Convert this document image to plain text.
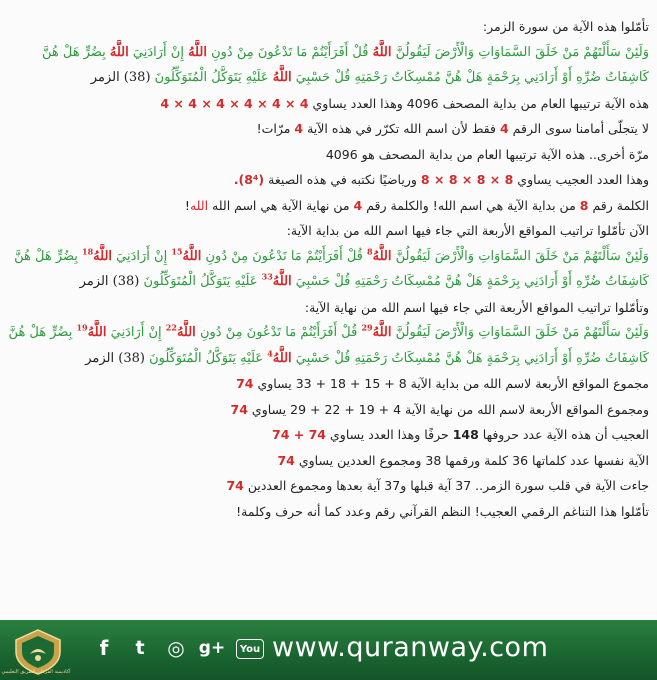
تأمّلوا هذه الآية من سورة الزمر:
وَلَئِنْ سَأَلْتَهُمْ مَنْ خَلَقَ السَّمَاوَاتِ وَالْأَرْضَ لَيَقُولُنَّ اللَّهُ قُلْ أَفَرَأَيْتُمْ مَا تَدْعُونَ مِنْ دُونِ اللَّهُ إِنْ أَرَادَنِيَ اللَّهُ بِضُرٍّ هَلْ هُنَّ
كَاشِفَاتُ ضُرِّهِ أَوْ أَرَادَنِي بِرَحْمَةٍ هَلْ هُنَّ مُمْسِكَاتُ رَحْمَتِهِ قُلْ حَسْبِيَ اللَّهُ عَلَيْهِ يَتَوَكَّلُ الْمُتَوَكِّلُونَ (38) الزمر
هذه الآية ترتيبها العام من بداية المصحف 4096 وهذا العدد يساوي 4 × 4 × 4 × 4 × 4 × 4
لا يتجلّى أمامنا سوى الرقم 4 فقط لأن اسم الله تكرّر في هذه الآية 4 مرّات!
مرّة أخرى.. هذه الآية ترتيبها العام من بداية المصحف هو 4096
وهذا العدد العجيب يساوي 8 × 8 × 8 × 8 ورياضيًا نكتبه في هذه الصيغة (8⁴).
الكلمة رقم 8 من بداية الآية هي اسم الله! والكلمة رقم 4 من نهاية الآية هي اسم الله الله!
الآن تأمّلوا تراتيب المواقع الأربعة التي جاء فيها اسم الله من بداية الآية:
وَلَئِنْ سَأَلْتَهُمْ مَنْ خَلَقَ السَّمَاوَاتِ وَالْأَرْضَ لَيَقُولُنَّ اللَّهُ$^8$ قُلْ أَفَرَأَيْتُمْ مَا تَدْعُونَ مِنْ دُونِ اللَّهُ$^{15}$ إِنْ أَرَادَنِيَ اللَّهُ$^{18}$ بِضُرٍّ هَلْ هُنَّ
كَاشِفَاتُ ضُرِّهِ أَوْ أَرَادَنِي بِرَحْمَةٍ هَلْ هُنَّ مُمْسِكَاتُ رَحْمَتِهِ قُلْ حَسْبِيَ اللَّهُ$^{33}$ عَلَيْهِ يَتَوَكَّلُ الْمُتَوَكِّلُونَ (38) الزمر
وتأمّلوا تراتيب المواقع الأربعة التي جاء فيها اسم الله من نهاية الآية:
وَلَئِنْ سَأَلْتَهُمْ مَنْ خَلَقَ السَّمَاوَاتِ وَالْأَرْضَ لَيَقُولُنَّ اللَّهُ$^{29}$ قُلْ أَفَرَأَيْتُمْ مَا تَدْعُونَ مِنْ دُونِ اللَّهُ$^{22}$ إِنْ أَرَادَنِيَ اللَّهُ$^{19}$ بِضُرٍّ هَلْ هُنَّ
كَاشِفَاتُ ضُرِّهِ أَوْ أَرَادَنِي بِرَحْمَةٍ هَلْ هُنَّ مُمْسِكَاتُ رَحْمَتِهِ قُلْ حَسْبِيَ اللَّهُ$^4$ عَلَيْهِ يَتَوَكَّلُ الْمُتَوَكِّلُونَ (38) الزمر
مجموع المواقع الأربعة لاسم الله من بداية الآية 8 + 15 + 18 + 33 يساوي 74
ومجموع المواقع الأربعة لاسم الله من نهاية الآية 4 + 19 + 22 + 29 يساوي 74
العجيب أن هذه الآية عدد حروفها 148 حرفًا وهذا العدد يساوي 74 + 74
الآية نفسها عدد كلماتها 36 كلمة ورقمها 38 ومجموع العددين يساوي 74
جاءت الآية في قلب سورة الزمر.. 37 آية قبلها و37 آية بعدها ومجموع العددين 74
تأمّلوا هذا التناغم الرقمي العجيب! النظم القرآني رقم وعدد كما أنه حرف وكلمة!
f	t	◎ g+	You www.quranway.com
أكاديمية الفرقان الطريق التعليمي
